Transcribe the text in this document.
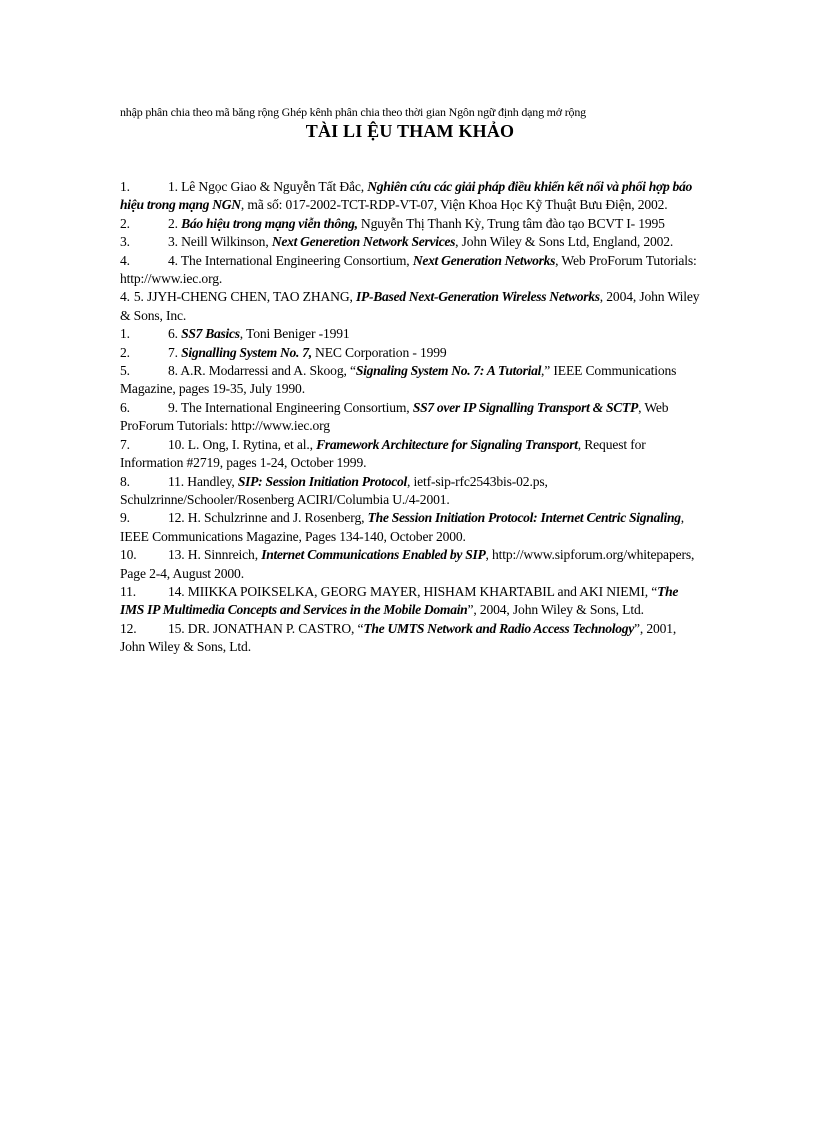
nhập phân chia theo mã băng rộng Ghép kênh phân chia theo thời gian Ngôn ngữ định dạng mở rộng
TÀI LI ỆU THAM KHẢO

1.	1. Lê Ngọc Giao & Nguyễn Tất Đắc, Nghiên cứu các giải pháp điều khiển kết nối và phối hợp báo hiệu trong mạng NGN, mã số: 017-2002-TCT-RDP-VT-07, Viện Khoa Học Kỹ Thuật Bưu Điện, 2002.

2.	2. Báo hiệu trong mạng viễn thông, Nguyễn Thị Thanh Kỳ, Trung tâm đào tạo BCVT I- 1995

3.	3. Neill Wilkinson, Next Generetion Network Services, John Wiley & Sons Ltd, England, 2002.

4.	4. The International Engineering Consortium, Next Generation Networks, Web ProForum Tutorials: http://www.iec.org.

4. 5. JJYH-CHENG CHEN, TAO ZHANG, IP-Based Next-Generation Wireless Networks, 2004, John Wiley & Sons, Inc.

1.	6. SS7 Basics, Toni Beniger -1991

2.	7. Signalling System No. 7, NEC Corporation - 1999

5.	8. A.R. Modarressi and A. Skoog, “Signaling System No. 7: A Tutorial,” IEEE Communications Magazine, pages 19-35, July 1990.

6.	9. The International Engineering Consortium, SS7 over IP Signalling Transport & SCTP, Web ProForum Tutorials: http://www.iec.org

7.	10. L. Ong, I. Rytina, et al., Framework Architecture for Signaling Transport, Request for Information #2719, pages 1-24, October 1999.

8.	11. Handley, SIP: Session Initiation Protocol, ietf-sip-rfc2543bis-02.ps, Schulzrinne/Schooler/Rosenberg ACIRI/Columbia U./4-2001.

9.	12. H. Schulzrinne and J. Rosenberg, The Session Initiation Protocol: Internet Centric Signaling, IEEE Communications Magazine, Pages 134-140, October 2000.

10. 13. H. Sinnreich, Internet Communications Enabled by SIP, http://www.sipforum.org/whitepapers, Page 2-4, August 2000.

11. 14. MIIKKA POIKSELKA, GEORG MAYER, HISHAM KHARTABIL and AKI NIEMI, “The IMS IP Multimedia Concepts and Services in the Mobile Domain”, 2004, John Wiley & Sons, Ltd.

12. 15. DR. JONATHAN P. CASTRO, “The UMTS Network and Radio Access Technology”, 2001, John Wiley & Sons, Ltd.
